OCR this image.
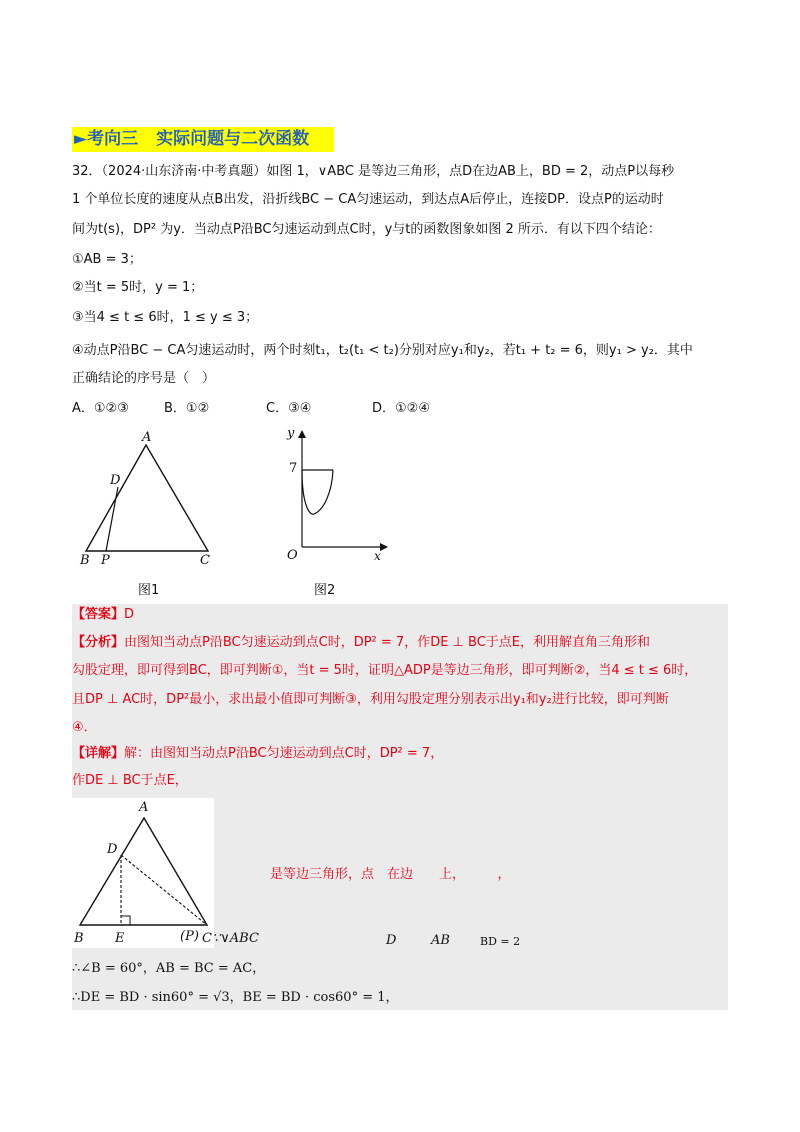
►考向三 实际问题与二次函数
32．（2024·山东济南·中考真题）如图 1，∨ABC 是等边三角形，点D在边AB上，BD = 2，动点P以每秒
1 个单位长度的速度从点B出发，沿折线BC − CA匀速运动，到达点A后停止，连接DP．设点P的运动时
间为t(s)，DP² 为y．当动点P沿BC匀速运动到点C时，y与t的函数图象如图 2 所示．有以下四个结论：
①AB = 3；
②当t = 5时，y = 1；
③当4 ≤ t ≤ 6时，1 ≤ y ≤ 3；
④动点P沿BC − CA匀速运动时，两个时刻t₁，t₂(t₁ < t₂)分别对应y₁和y₂，若t₁ + t₂ = 6，则y₁ > y₂．其中
正确结论的序号是（　）
A．①②③	B．①②	C．③④	D．①②④
A
D
B P	C
图1
y
x
O
7
图2
【答案】D
【分析】由图知当动点P沿BC匀速运动到点C时，DP² = 7，作DE ⊥ BC于点E，利用解直角三角形和
勾股定理，即可得到BC，即可判断①，当t = 5时，证明△ADP是等边三角形，即可判断②，当4 ≤ t ≤ 6时，
且DP ⊥ AC时，DP²最小，求出最小值即可判断③，利用勾股定理分别表示出y₁和y₂进行比较，即可判断
④．
【详解】解：由图知当动点P沿BC匀速运动到点C时，DP² = 7，
作DE ⊥ BC于点E，
A
D
B E	(P) C
是等边三角形，点　在边　　上，　　　，
∵∨ABC	D	AB	BD = 2
∴∠B = 60°，AB = BC = AC，
∴DE = BD · sin60° = √3，BE = BD · cos60° = 1，
